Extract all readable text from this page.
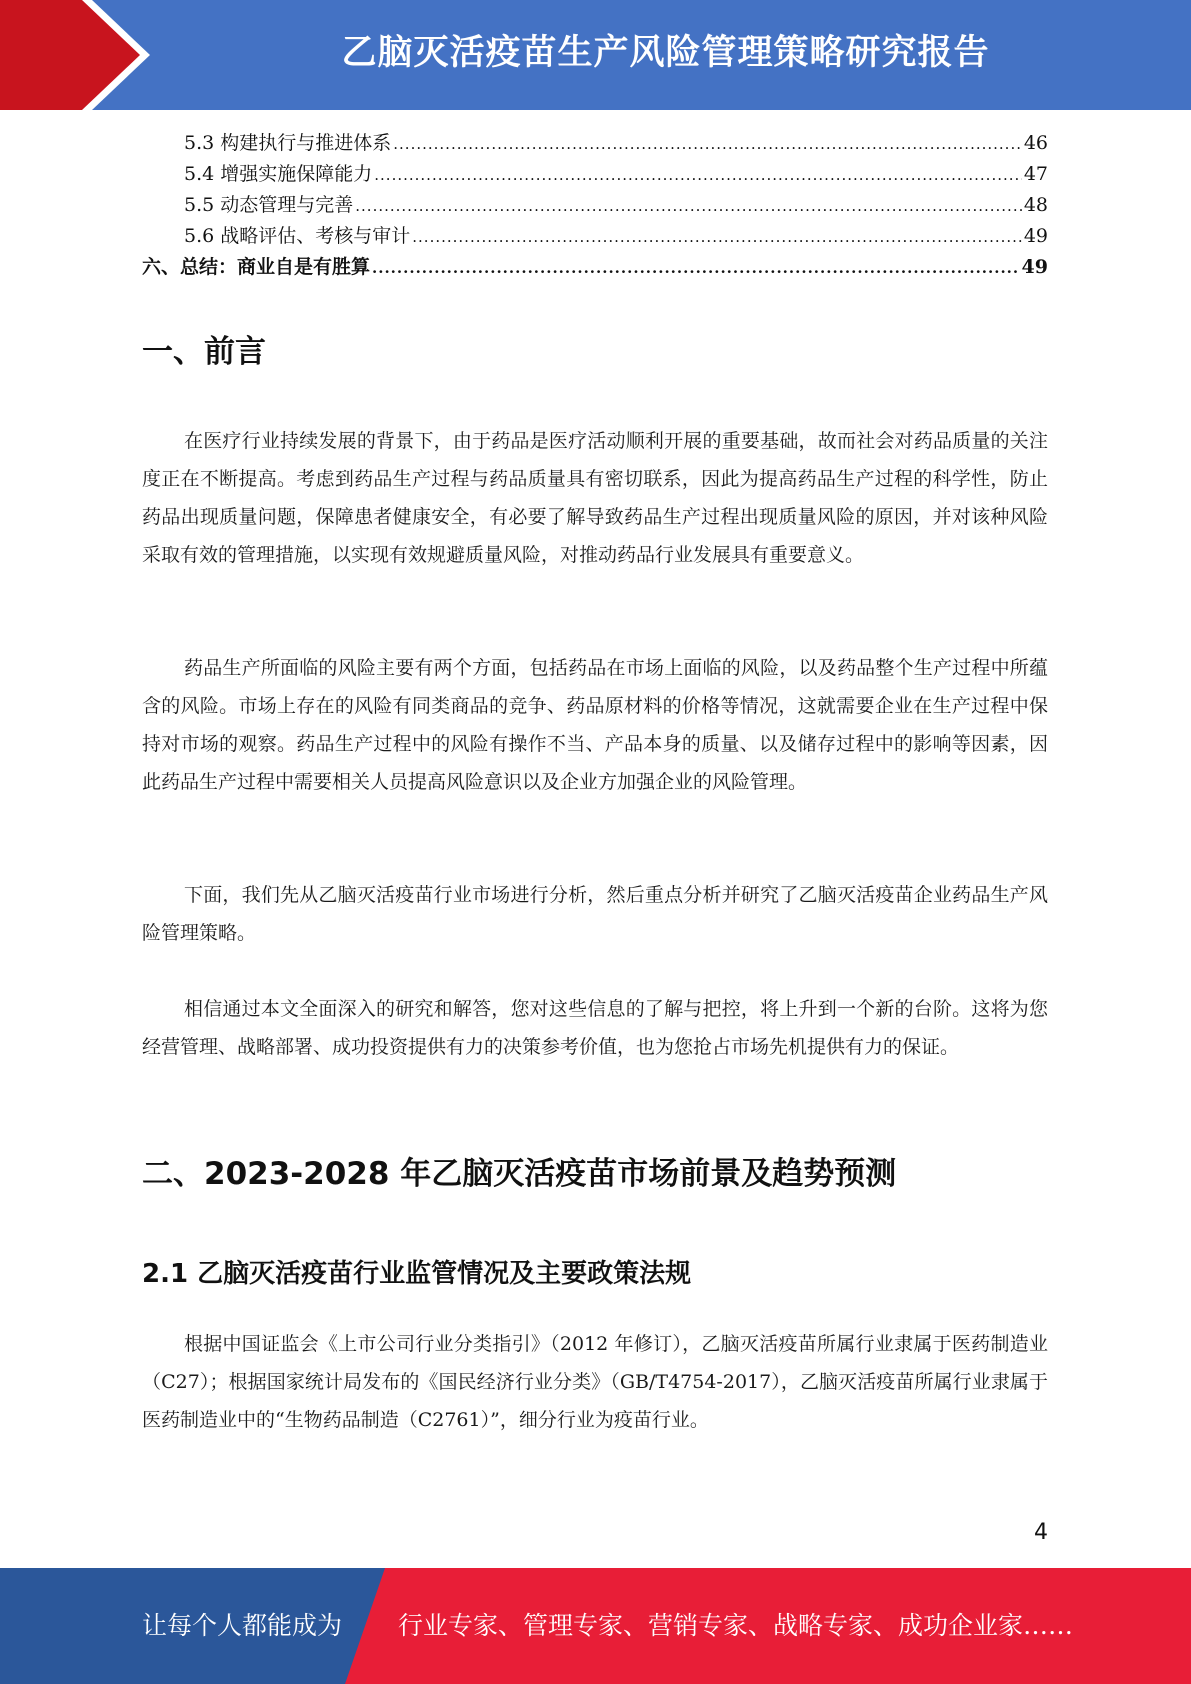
乙脑灭活疫苗生产风险管理策略研究报告
5.3 构建执行与推进体系 .....	46
5.4 增强实施保障能力 .....	47
5.5 动态管理与完善 .....	48
5.6 战略评估、考核与审计 .....	49
六、总结：商业自是有胜算 .....	49
一、前言

在医疗行业持续发展的背景下，由于药品是医疗活动顺利开展的重要基础，故而社会对药品质量的关注度正在不断提高。考虑到药品生产过程与药品质量具有密切联系，因此为提高药品生产过程的科学性，防止药品出现质量问题，保障患者健康安全，有必要了解导致药品生产过程出现质量风险的原因，并对该种风险采取有效的管理措施，以实现有效规避质量风险，对推动药品行业发展具有重要意义。

药品生产所面临的风险主要有两个方面，包括药品在市场上面临的风险，以及药品整个生产过程中所蕴含的风险。市场上存在的风险有同类商品的竞争、药品原材料的价格等情况，这就需要企业在生产过程中保持对市场的观察。药品生产过程中的风险有操作不当、产品本身的质量、以及储存过程中的影响等因素，因此药品生产过程中需要相关人员提高风险意识以及企业方加强企业的风险管理。

下面，我们先从乙脑灭活疫苗行业市场进行分析，然后重点分析并研究了乙脑灭活疫苗企业药品生产风险管理策略。

相信通过本文全面深入的研究和解答，您对这些信息的了解与把控，将上升到一个新的台阶。这将为您经营管理、战略部署、成功投资提供有力的决策参考价值，也为您抢占市场先机提供有力的保证。

二、2023-2028 年乙脑灭活疫苗市场前景及趋势预测
2.1 乙脑灭活疫苗行业监管情况及主要政策法规

根据中国证监会《上市公司行业分类指引》（2012 年修订），乙脑灭活疫苗所属行业隶属于医药制造业（C27）；根据国家统计局发布的《国民经济行业分类》（GB/T4754-2017），乙脑灭活疫苗所属行业隶属于医药制造业中的“生物药品制造（C2761）”，细分行业为疫苗行业。

4
让每个人都能成为 行业专家、管理专家、营销专家、战略专家、成功企业家……
